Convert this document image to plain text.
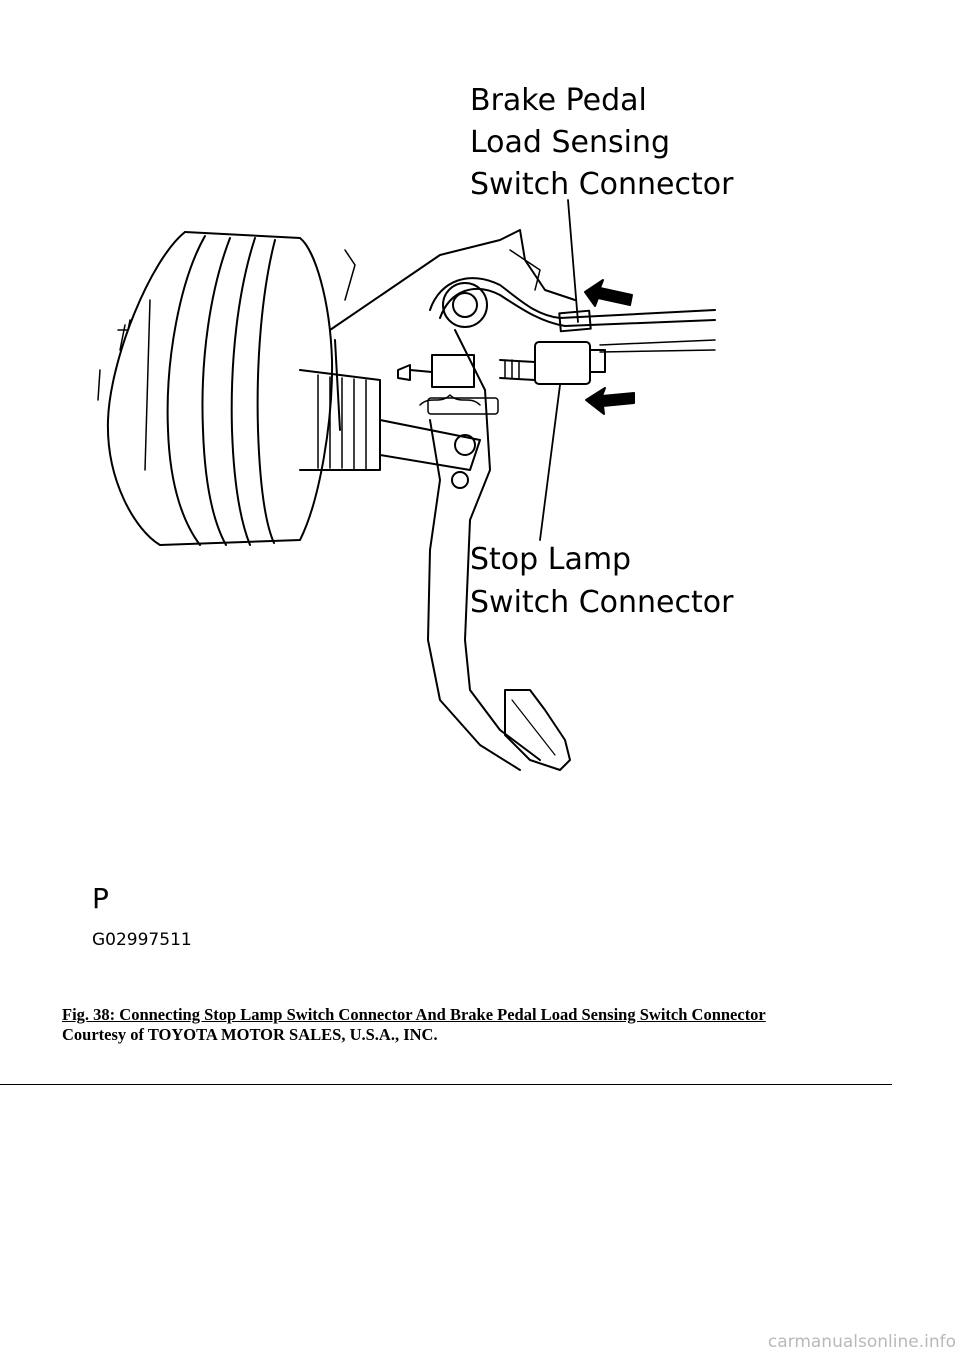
Brake Pedal
Load Sensing
Switch Connector
Stop Lamp
Switch Connector
P
G02997511
Fig. 38: Connecting Stop Lamp Switch Connector And Brake Pedal Load Sensing Switch Connector
Courtesy of TOYOTA MOTOR SALES, U.S.A., INC.
carmanualsonline.info
